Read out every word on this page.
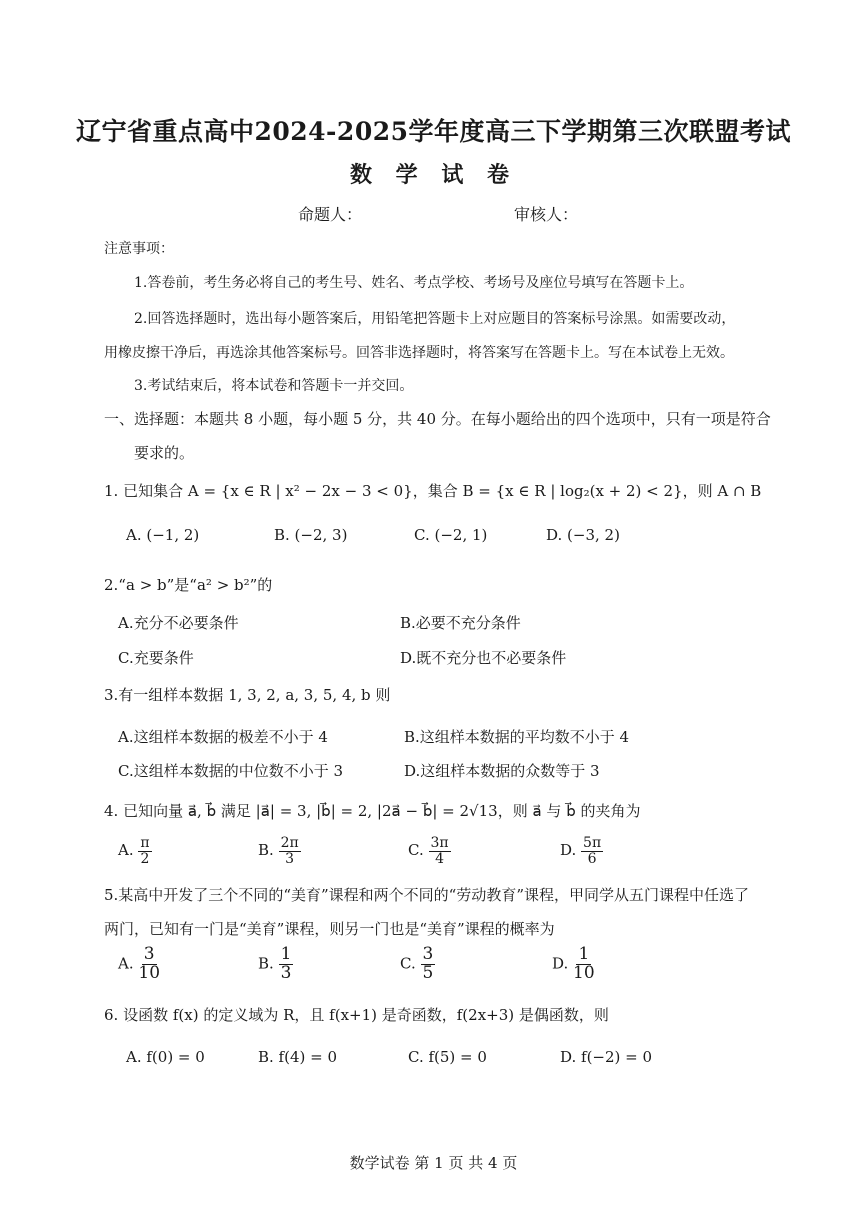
辽宁省重点高中2024-2025学年度高三下学期第三次联盟考试
数 学 试 卷
命题人：	审核人：
注意事项：
1.答卷前，考生务必将自己的考生号、姓名、考点学校、考场号及座位号填写在答题卡上。
2.回答选择题时，选出每小题答案后，用铅笔把答题卡上对应题目的答案标号涂黑。如需要改动，
用橡皮擦干净后，再选涂其他答案标号。回答非选择题时，将答案写在答题卡上。写在本试卷上无效。
3.考试结束后，将本试卷和答题卡一并交回。
一、选择题：本题共 8 小题，每小题 5 分，共 40 分。在每小题给出的四个选项中，只有一项是符合
要求的。
1. 已知集合 A = {x ∈ R | x² − 2x − 3 < 0}，集合 B = {x ∈ R | log₂(x + 2) < 2}，则 A ∩ B
A. (−1, 2)	B. (−2, 3)	C. (−2, 1)	D. (−3, 2)
2.“a > b”是“a² > b²”的
A.充分不必要条件	B.必要不充分条件
C.充要条件	D.既不充分也不必要条件
3.有一组样本数据 1, 3, 2, a, 3, 5, 4, b 则
A.这组样本数据的极差不小于 4	B.这组样本数据的平均数不小于 4
C.这组样本数据的中位数不小于 3	D.这组样本数据的众数等于 3
4. 已知向量 a⃗, b⃗ 满足 |a⃗| = 3, |b⃗| = 2, |2a⃗ − b⃗| = 2√13，则 a⃗ 与 b⃗ 的夹角为
A. $\frac{\pi}{2}$	B. $\frac{2\pi}{3}$	C. $\frac{3\pi}{4}$	D. $\frac{5\pi}{6}$
5.某高中开发了三个不同的“美育”课程和两个不同的“劳动教育”课程，甲同学从五门课程中任选了
两门，已知有一门是“美育”课程，则另一门也是“美育”课程的概率为
A. $\frac{3}{10}$	B. $\frac{1}{3}$	C. $\frac{3}{5}$	D. $\frac{1}{10}$
6. 设函数 f(x) 的定义域为 R，且 f(x+1) 是奇函数，f(2x+3) 是偶函数，则
A. f(0) = 0	B. f(4) = 0	C. f(5) = 0	D. f(−2) = 0
数学试卷 第 1 页 共 4 页
